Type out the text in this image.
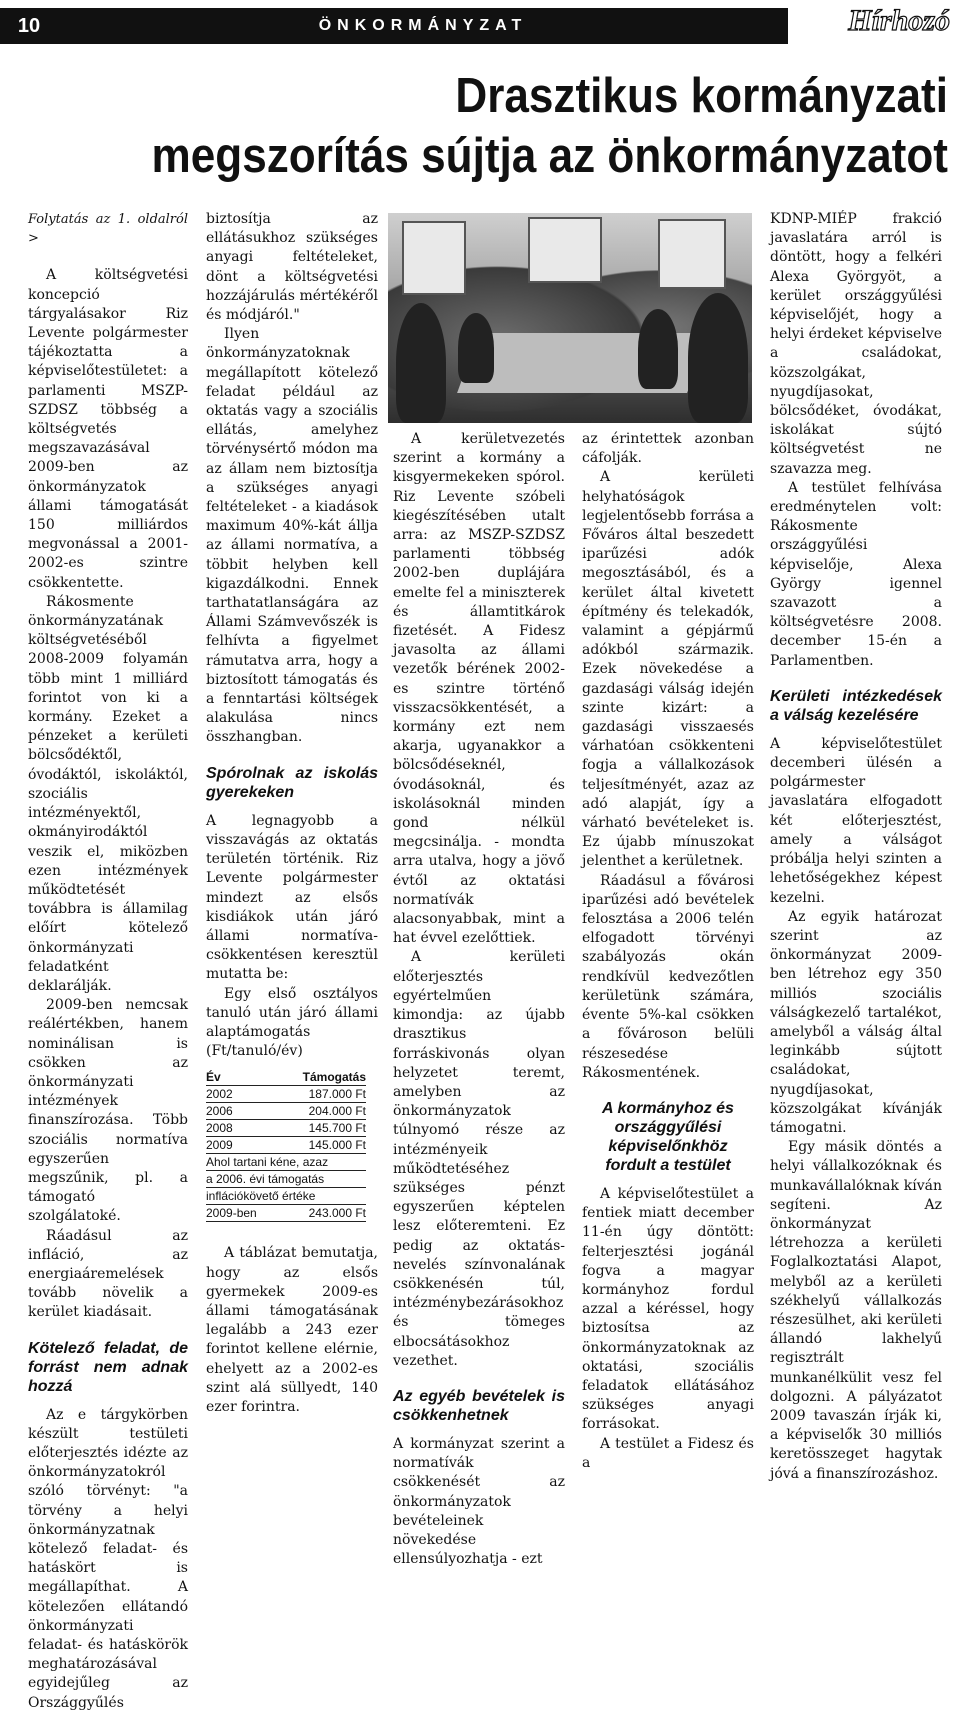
10	ÖNKORMÁNYZAT	Hírhozó
Drasztikus kormányzati
megszorítás sújtja az önkormányzatot

Folytatás az 1. oldalról >

A költségvetési koncepció tárgyalásakor Riz Levente polgármester tájékoztatta a képviselőtestületet: a parlamenti MSZP-SZDSZ többség a költségvetés megszavazásával 2009-ben az önkormányzatok állami támogatását 150 milliárdos megvonással a 2001-2002-es szintre csökkentette.

Rákosmente önkormányzatának költségvetéséből 2008-2009 folyamán több mint 1 milliárd forintot von ki a kormány. Ezeket a pénzeket a kerületi bölcsődéktől, óvodáktól, iskoláktól, szociális intézményektől, okmányirodáktól veszik el, miközben ezen intézmények működtetését továbbra is államilag előírt kötelező önkormányzati feladatként deklarálják.

2009-ben nemcsak reálértékben, hanem nominálisan is csökken az önkormányzati intézmények finanszírozása. Több szociális normatíva egyszerűen megszűnik, pl. a támogató szolgálatoké.

Ráadásul az infláció, az energiaáremelések tovább növelik a kerület kiadásait.

Kötelező feladat, de forrást nem adnak hozzá

Az e tárgykörben készült testületi előterjesztés idézte az önkormányzatokról szóló törvényt: "a törvény a helyi önkormányzatnak kötelező feladat- és hatáskört is megállapíthat. A kötelezően ellátandó önkormányzati feladat- és hatáskörök meghatározásával egyidejűleg az Országgyűlés

biztosítja az ellátásukhoz szükséges anyagi feltételeket, dönt a költségvetési hozzájárulás mértékéről és módjáról."

Ilyen önkormányzatoknak megállapított kötelező feladat például az oktatás vagy a szociális ellátás, amelyhez törvénysértő módon ma az állam nem biztosítja a szükséges anyagi feltételeket - a kiadások maximum 40%-kát állja az állami normatíva, a többit helyben kell kigazdálkodni. Ennek tarthatatlanságára az Állami Számvevőszék is felhívta a figyelmet rámutatva arra, hogy a biztosított támogatás és a fenntartási költségek alakulása nincs összhangban.

Spórolnak az iskolás gyerekeken

A legnagyobb a visszavágás az oktatás területén történik. Riz Levente polgármester mindezt az elsős kisdiákok után járó állami normatíva-csökkentésen keresztül mutatta be:

Egy első osztályos tanuló után járó állami alaptámogatás (Ft/tanuló/év)

Év	Támogatás
2002	187.000 Ft
2006	204.000 Ft
2008	145.700 Ft
2009	145.000 Ft
Ahol tartani kéne, azaz	
a 2006. évi támogatás	
inflációkövető értéke	
2009-ben	243.000 Ft

A táblázat bemutatja, hogy az elsős gyermekek 2009-es állami támogatásának legalább a 243 ezer forintot kellene elérnie, ehelyett az a 2002-es szint alá süllyedt, 140 ezer forintra.

A kerületvezetés szerint a kormány a kisgyermekeken spórol. Riz Levente szóbeli kiegészítésében utalt arra: az MSZP-SZDSZ parlamenti többség 2002-ben duplájára emelte fel a miniszterek és államtitkárok fizetését. A Fidesz javasolta az állami vezetők bérének 2002-es szintre történő visszacsökkentését, a kormány ezt nem akarja, ugyanakkor a bölcsődéseknél, óvodásoknál, és iskolásoknál minden gond nélkül megcsinálja. - mondta arra utalva, hogy a jövő évtől az oktatási normatívák alacsonyabbak, mint a hat évvel ezelőttiek.

A kerületi előterjesztés egyértelműen kimondja: az újabb drasztikus forráskivonás olyan helyzetet teremt, amelyben az önkormányzatok túlnyomó része az intézményeik működtetéséhez szükséges pénzt egyszerűen képtelen lesz előteremteni. Ez pedig az oktatás-nevelés színvonalának csökkenésén túl, intézménybezárásokhoz és tömeges elbocsátásokhoz vezethet.

Az egyéb bevételek is csökkenhetnek

A kormányzat szerint a normatívák csökkenését az önkormányzatok bevételeinek növekedése ellensúlyozhatja - ezt

az érintettek azonban cáfolják.

A kerületi helyhatóságok legjelentősebb forrása a Főváros által beszedett iparűzési adók megosztásából, és a kerület által kivetett építmény és telekadók, valamint a gépjármű adókból származik. Ezek növekedése a gazdasági válság idején szinte kizárt: a gazdasági visszaesés várhatóan csökkenteni fogja a vállalkozások teljesítményét, azaz az adó alapját, így a várható bevételeket is. Ez újabb mínuszokat jelenthet a kerületnek.

Ráadásul a fővárosi iparűzési adó bevételek felosztása a 2006 telén elfogadott törvényi szabályozás okán rendkívül kedvezőtlen kerületünk számára, évente 5%-kal csökken a fővároson belüli részesedése Rákosmentének.

A kormányhoz és országgyűlési képviselőnkhöz fordult a testület

A képviselőtestület a fentiek miatt december 11-én úgy döntött: felterjesztési jogánál fogva a magyar kormányhoz fordul azzal a kéréssel, hogy biztosítsa az önkormányzatoknak az oktatási, szociális feladatok ellátásához szükséges anyagi forrásokat.

A testület a Fidesz és a

KDNP-MIÉP frakció javaslatára arról is döntött, hogy a felkéri Alexa Györgyöt, a kerület országgyűlési képviselőjét, hogy a helyi érdeket képviselve a családokat, közszolgákat, nyugdíjasokat, bölcsődéket, óvodákat, iskolákat sújtó költségvetést ne szavazza meg.

A testület felhívása eredménytelen volt: Rákosmente országgyűlési képviselője, Alexa György igennel szavazott a költségvetésre 2008. december 15-én a Parlamentben.

Kerületi intézkedések a válság kezelésére

A képviselőtestület decemberi ülésén a polgármester javaslatára elfogadott két előterjesztést, amely a válságot próbálja helyi szinten a lehetőségekhez képest kezelni.

Az egyik határozat szerint az önkormányzat 2009-ben létrehoz egy 350 milliós szociális válságkezelő tartalékot, amelyből a válság által leginkább sújtott családokat, nyugdíjasokat, közszolgákat kívánják támogatni.

Egy másik döntés a helyi vállalkozóknak és munkavállalóknak kíván segíteni. Az önkormányzat létrehozza a kerületi Foglalkoztatási Alapot, melyből az a kerületi székhelyű vállalkozás részesülhet, aki kerületi állandó lakhelyű regisztrált munkanélkülit vesz fel dolgozni. A pályázatot 2009 tavaszán írják ki, a képviselők 30 milliós keretösszeget hagytak jóvá a finanszírozáshoz.
